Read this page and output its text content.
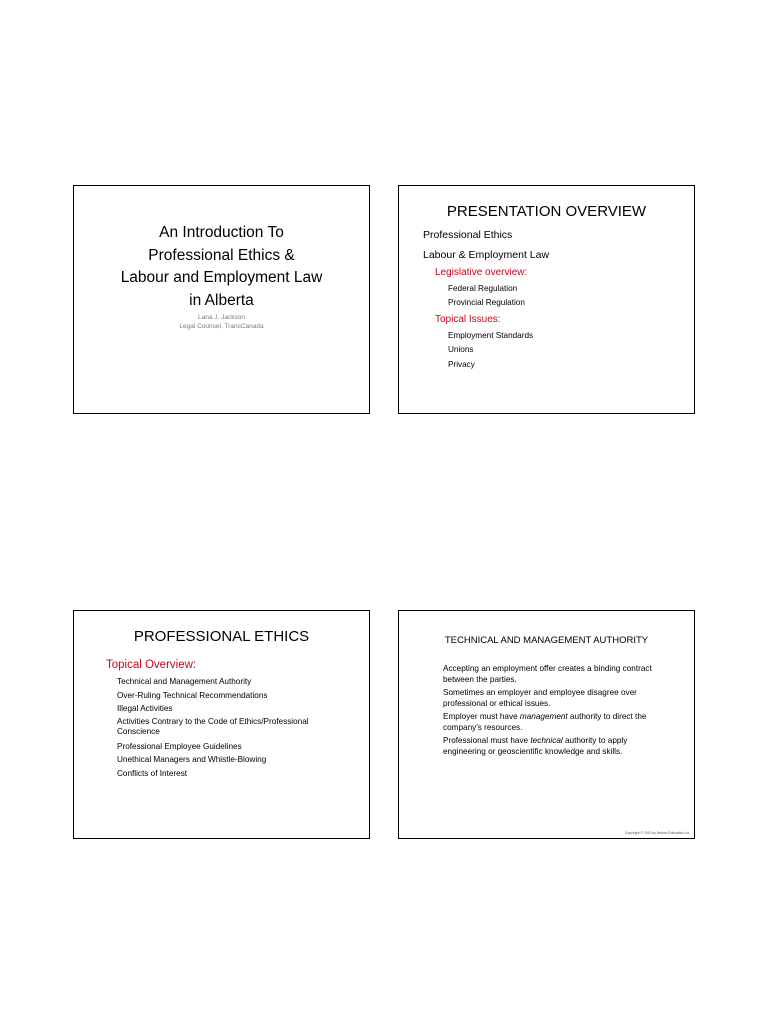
An Introduction To
Professional Ethics &
Labour and Employment Law
in Alberta
Lana J. Jackson
Legal Counsel, TransCanada
PRESENTATION OVERVIEW
Professional Ethics
Labour & Employment Law
Legislative overview:
Federal Regulation
Provincial Regulation
Topical Issues:
Employment Standards
Unions
Privacy
PROFESSIONAL ETHICS
Topical Overview:
Technical and Management Authority
Over-Ruling Technical Recommendations
Illegal Activities
Activities Contrary to the Code of Ethics/Professional
Conscience
Professional Employee Guidelines
Unethical Managers and Whistle-Blowing
Conflicts of Interest
TECHNICAL AND MANAGEMENT AUTHORITY
Accepting an employment offer creates a binding contract
between the parties.
Sometimes an employer and employee disagree over
professional or ethical issues.
Employer must have management authority to direct the
company's resources.
Professional must have technical authority to apply
engineering or geoscientific knowledge and skills.
Copyright © 2010 by Nelson Education Ltd.
